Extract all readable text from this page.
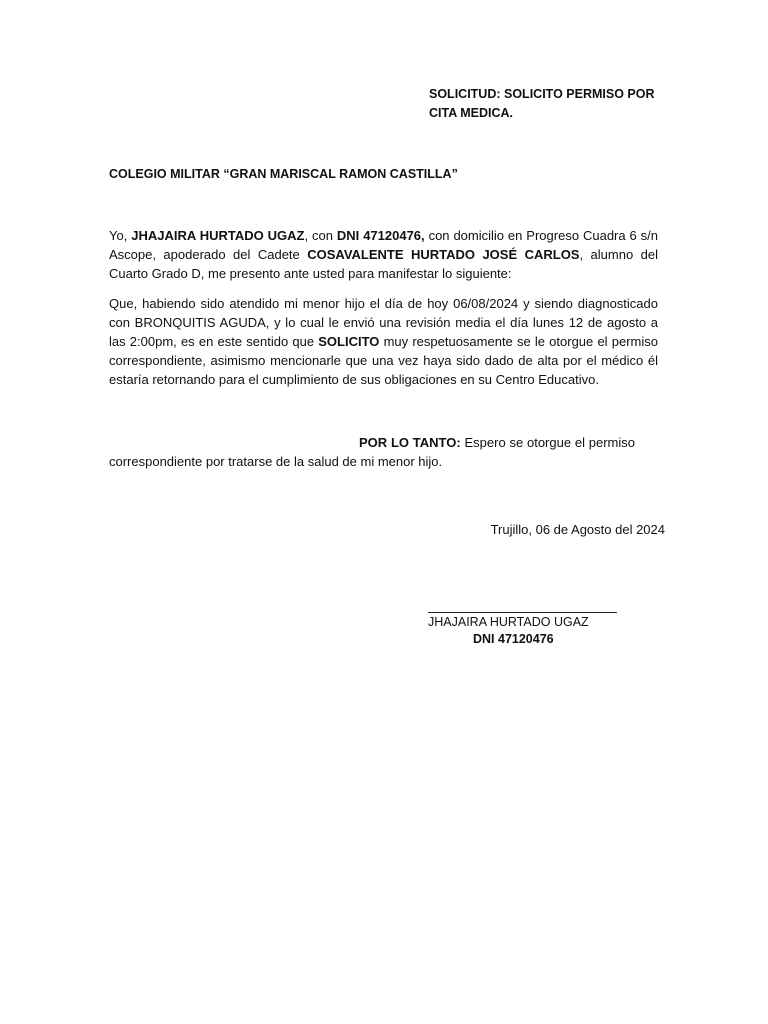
SOLICITUD: SOLICITO PERMISO POR CITA MEDICA.
COLEGIO MILITAR “GRAN MARISCAL RAMON CASTILLA”
Yo, JHAJAIRA HURTADO UGAZ, con DNI 47120476, con domicilio en Progreso Cuadra 6 s/n Ascope, apoderado del Cadete COSAVALENTE HURTADO JOSÉ CARLOS, alumno del Cuarto Grado D, me presento ante usted para manifestar lo siguiente:
Que, habiendo sido atendido mi menor hijo el día de hoy 06/08/2024 y siendo diagnosticado con BRONQUITIS AGUDA, y lo cual le envió una revisión media el día lunes 12 de agosto a las 2:00pm, es en este sentido que SOLICITO muy respetuosamente se le otorgue el permiso correspondiente, asimismo mencionarle que una vez haya sido dado de alta por el médico él estaría retornando para el cumplimiento de sus obligaciones en su Centro Educativo.
POR LO TANTO: Espero se otorgue el permiso correspondiente por tratarse de la salud de mi menor hijo.
Trujillo, 06 de Agosto del 2024
JHAJAIRA HURTADO UGAZ
DNI 47120476
